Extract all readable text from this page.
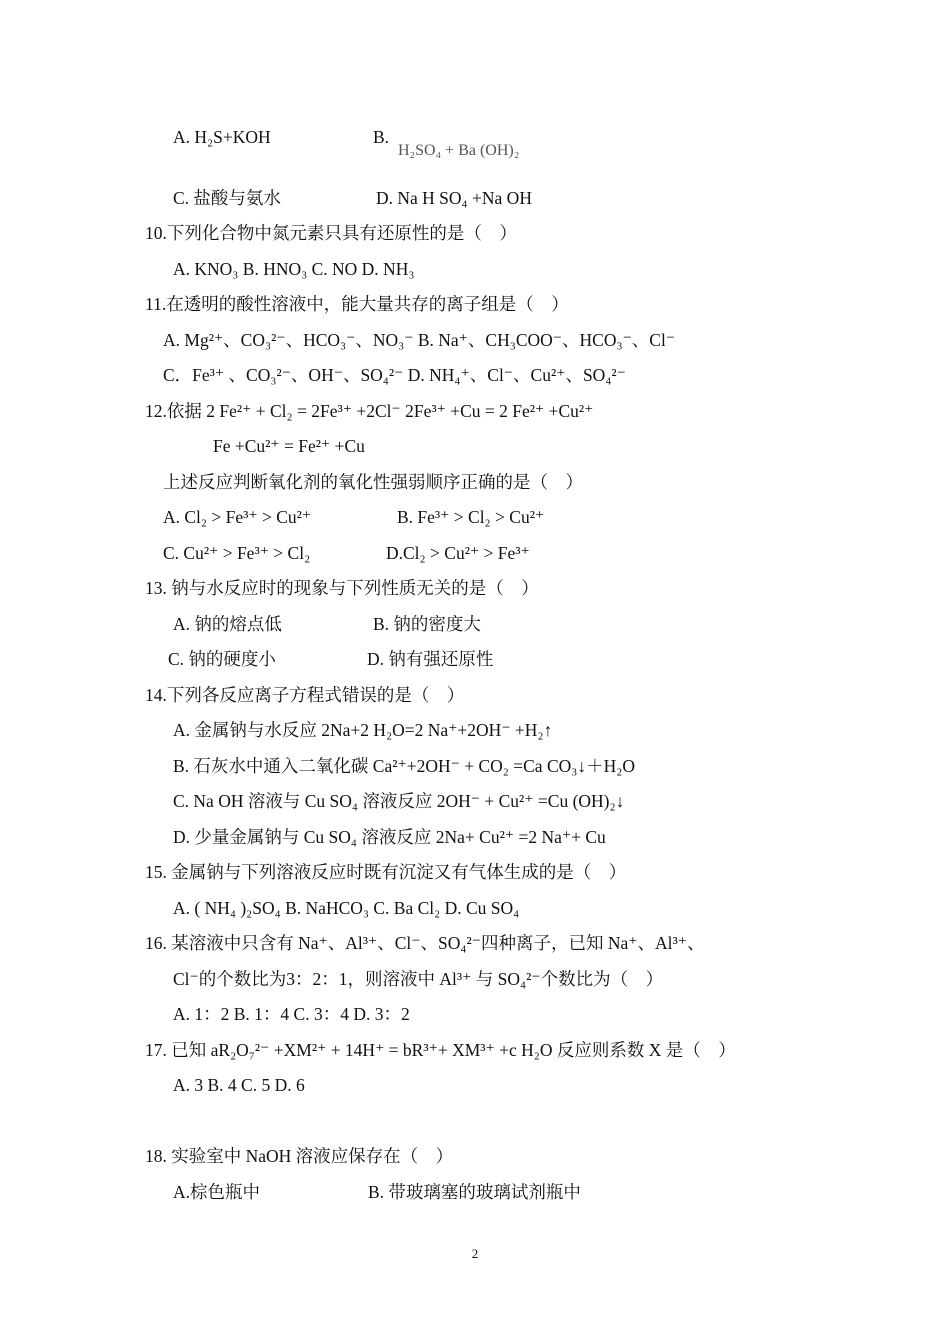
A. H₂S+KOH	B.
H₂SO₄ + Ba (OH)₂
C. 盐酸与氨水	D. Na H SO₄ +Na OH
10.下列化合物中氮元素只具有还原性的是（　）
A. KNO₃ B. HNO₃ C. NO D. NH₃
11.在透明的酸性溶液中，能大量共存的离子组是（　）
A. Mg²⁺、CO₃²⁻、HCO₃⁻、NO₃⁻ B. Na⁺、CH₃COO⁻、HCO₃⁻、Cl⁻
C．Fe³⁺ 、CO₃²⁻、OH⁻、SO₄²⁻ D. NH₄⁺、Cl⁻、Cu²⁺、SO₄²⁻
12.依据 2 Fe²⁺ + Cl₂ = 2Fe³⁺ +2Cl⁻ 2Fe³⁺ +Cu = 2 Fe²⁺ +Cu²⁺
Fe +Cu²⁺ = Fe²⁺ +Cu
上述反应判断氧化剂的氧化性强弱顺序正确的是（　）
A. Cl₂ > Fe³⁺ > Cu²⁺	B. Fe³⁺ > Cl₂ > Cu²⁺
C. Cu²⁺ > Fe³⁺ > Cl₂	D.Cl₂ > Cu²⁺ > Fe³⁺
13. 钠与水反应时的现象与下列性质无关的是（　）
A. 钠的熔点低	B. 钠的密度大
C. 钠的硬度小	D. 钠有强还原性
14.下列各反应离子方程式错误的是（　）
A. 金属钠与水反应 2Na+2 H₂O=2 Na⁺+2OH⁻ +H₂↑
B. 石灰水中通入二氧化碳 Ca²⁺+2OH⁻ + CO₂ =Ca CO₃↓＋H₂O
C. Na OH 溶液与 Cu SO₄ 溶液反应 2OH⁻ + Cu²⁺ =Cu (OH)₂↓
D. 少量金属钠与 Cu SO₄ 溶液反应 2Na+ Cu²⁺ =2 Na⁺+ Cu
15. 金属钠与下列溶液反应时既有沉淀又有气体生成的是（　）
A. ( NH₄ )₂SO₄ B. NaHCO₃ C. Ba Cl₂ D. Cu SO₄
16. 某溶液中只含有 Na⁺、Al³⁺、Cl⁻、SO₄²⁻四种离子，已知 Na⁺、Al³⁺、
Cl⁻的个数比为3：2：1，则溶液中 Al³⁺ 与 SO₄²⁻个数比为（　）
A. 1：2 B. 1：4 C. 3：4 D. 3：2
17. 已知 aR₂O₇²⁻ +XM²⁺ + 14H⁺ = bR³⁺+ XM³⁺ +c H₂O 反应则系数 X 是（　）
A. 3 B. 4 C. 5 D. 6
18. 实验室中 NaOH 溶液应保存在（　）
A.棕色瓶中	B. 带玻璃塞的玻璃试剂瓶中
2
